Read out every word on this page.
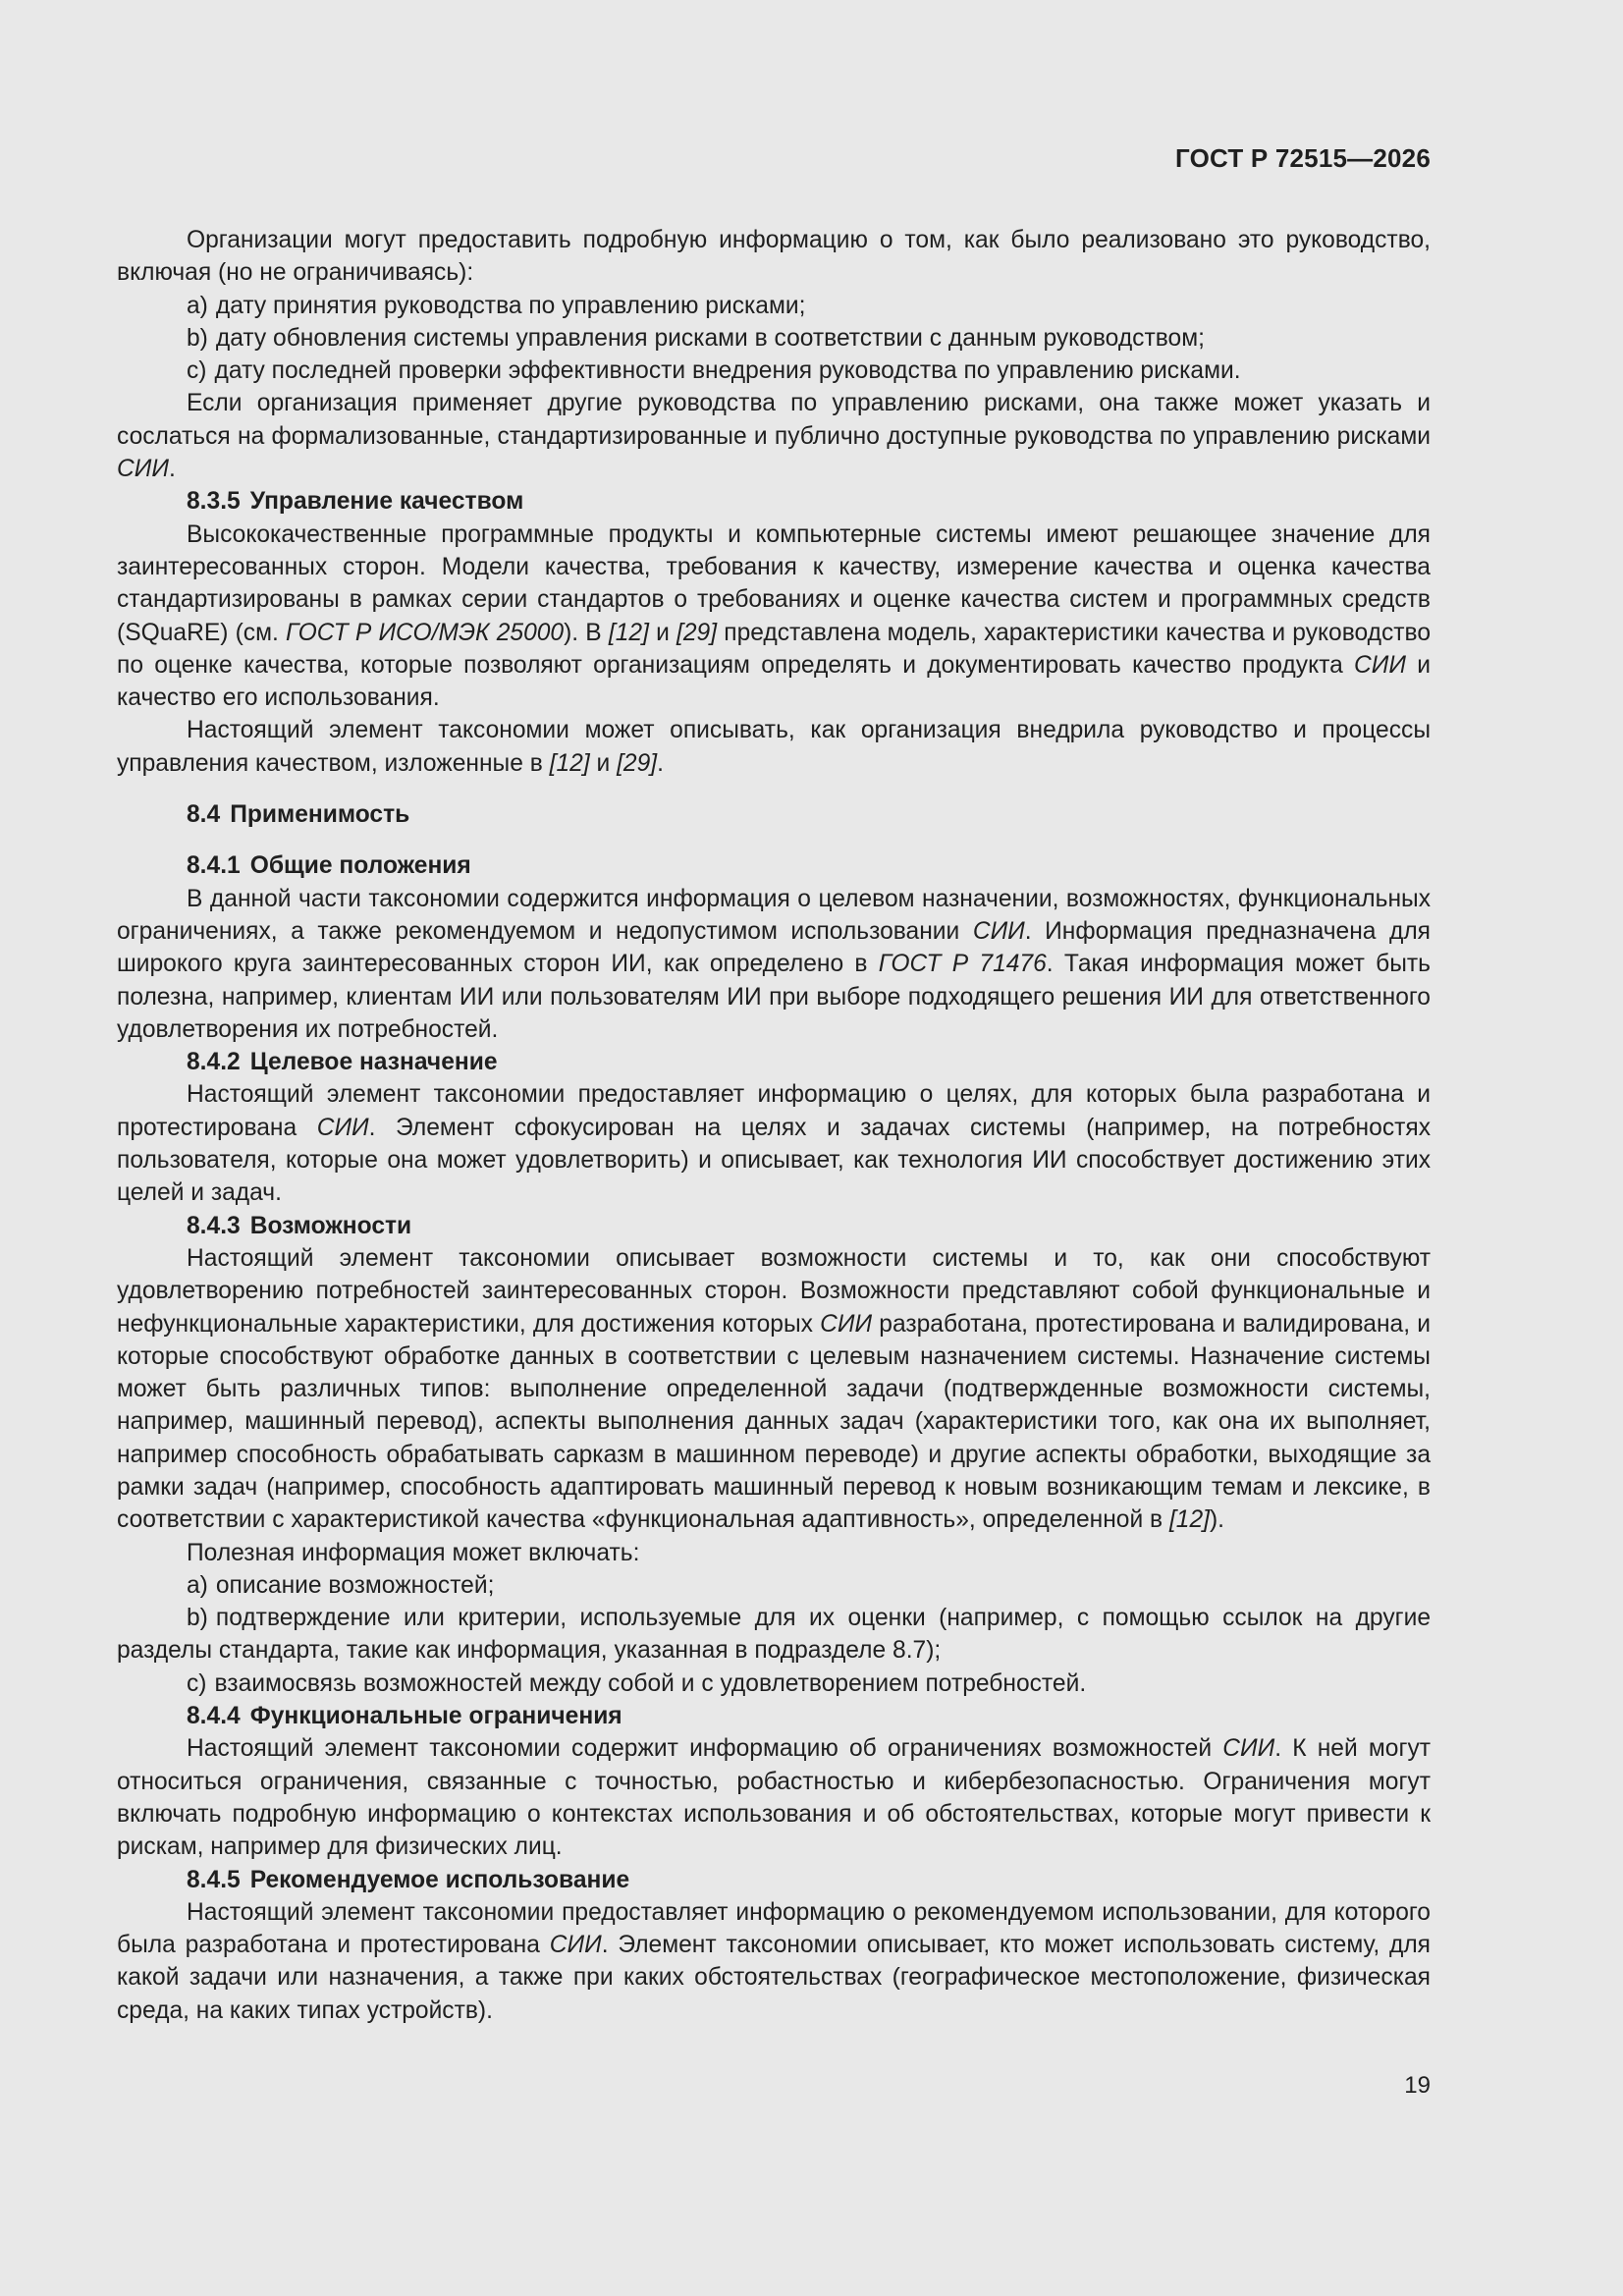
ГОСТ Р 72515—2026

Организации могут предоставить подробную информацию о том, как было реализовано это руководство, включая (но не ограничиваясь):

a) дату принятия руководства по управлению рисками;

b) дату обновления системы управления рисками в соответствии с данным руководством;

c) дату последней проверки эффективности внедрения руководства по управлению рисками.

Если организация применяет другие руководства по управлению рисками, она также может указать и сослаться на формализованные, стандартизированные и публично доступные руководства по управлению рисками СИИ.

8.3.5 Управление качеством

Высококачественные программные продукты и компьютерные системы имеют решающее значение для заинтересованных сторон. Модели качества, требования к качеству, измерение качества и оценка качества стандартизированы в рамках серии стандартов о требованиях и оценке качества систем и программных средств (SQuaRE) (см. ГОСТ Р ИСО/МЭК 25000). В [12] и [29] представлена модель, характеристики качества и руководство по оценке качества, которые позволяют организациям определять и документировать качество продукта СИИ и качество его использования.

Настоящий элемент таксономии может описывать, как организация внедрила руководство и процессы управления качеством, изложенные в [12] и [29].

8.4 Применимость

8.4.1 Общие положения

В данной части таксономии содержится информация о целевом назначении, возможностях, функциональных ограничениях, а также рекомендуемом и недопустимом использовании СИИ. Информация предназначена для широкого круга заинтересованных сторон ИИ, как определено в ГОСТ Р 71476. Такая информация может быть полезна, например, клиентам ИИ или пользователям ИИ при выборе подходящего решения ИИ для ответственного удовлетворения их потребностей.

8.4.2 Целевое назначение

Настоящий элемент таксономии предоставляет информацию о целях, для которых была разработана и протестирована СИИ. Элемент сфокусирован на целях и задачах системы (например, на потребностях пользователя, которые она может удовлетворить) и описывает, как технология ИИ способствует достижению этих целей и задач.

8.4.3 Возможности

Настоящий элемент таксономии описывает возможности системы и то, как они способствуют удовлетворению потребностей заинтересованных сторон. Возможности представляют собой функциональные и нефункциональные характеристики, для достижения которых СИИ разработана, протестирована и валидирована, и которые способствуют обработке данных в соответствии с целевым назначением системы. Назначение системы может быть различных типов: выполнение определенной задачи (подтвержденные возможности системы, например, машинный перевод), аспекты выполнения данных задач (характеристики того, как она их выполняет, например способность обрабатывать сарказм в машинном переводе) и другие аспекты обработки, выходящие за рамки задач (например, способность адаптировать машинный перевод к новым возникающим темам и лексике, в соответствии с характеристикой качества «функциональная адаптивность», определенной в [12]).

Полезная информация может включать:

a) описание возможностей;

b) подтверждение или критерии, используемые для их оценки (например, с помощью ссылок на другие разделы стандарта, такие как информация, указанная в подразделе 8.7);

c) взаимосвязь возможностей между собой и с удовлетворением потребностей.

8.4.4 Функциональные ограничения

Настоящий элемент таксономии содержит информацию об ограничениях возможностей СИИ. К ней могут относиться ограничения, связанные с точностью, робастностью и кибербезопасностью. Ограничения могут включать подробную информацию о контекстах использования и об обстоятельствах, которые могут привести к рискам, например для физических лиц.

8.4.5 Рекомендуемое использование

Настоящий элемент таксономии предоставляет информацию о рекомендуемом использовании, для которого была разработана и протестирована СИИ. Элемент таксономии описывает, кто может использовать систему, для какой задачи или назначения, а также при каких обстоятельствах (географическое местоположение, физическая среда, на каких типах устройств).

19
